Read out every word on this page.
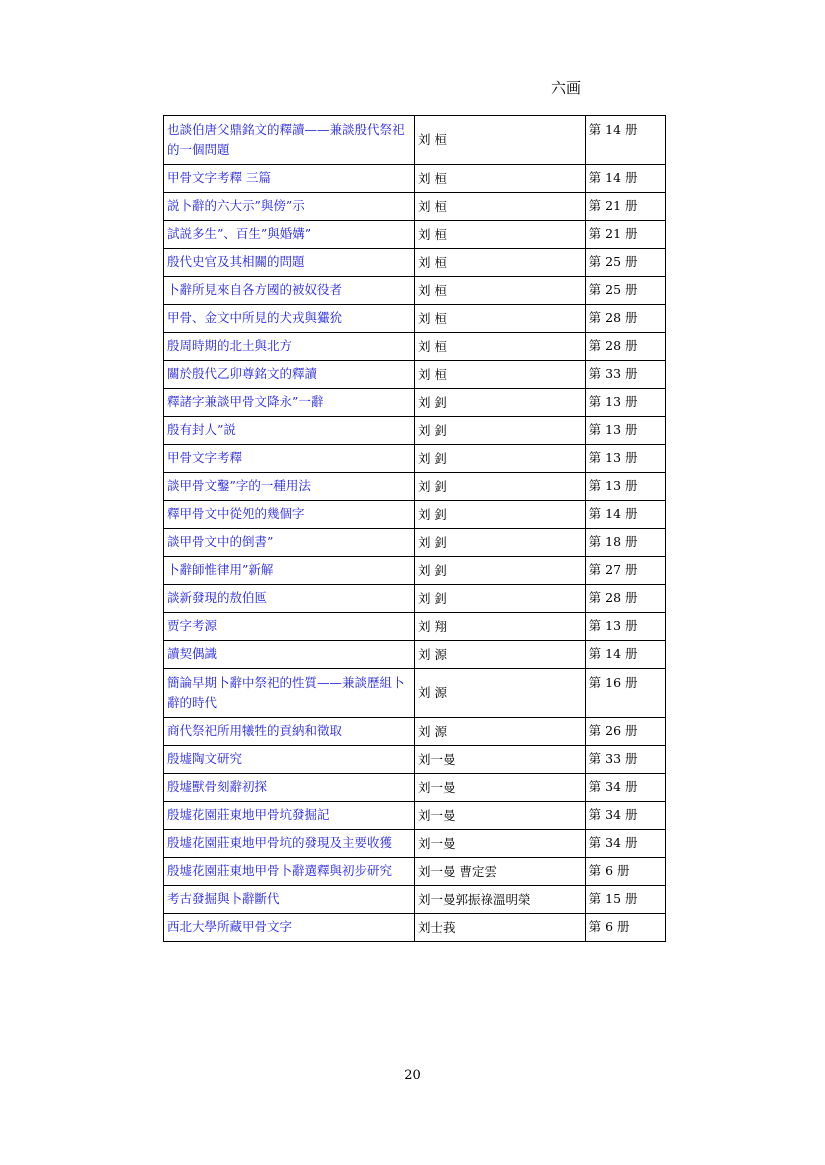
六画
也談伯唐父鼎銘文的釋讀——兼談殷代祭祀的一個問題	刘 桓	第 14 册
甲骨文字考釋 三篇	刘 桓	第 14 册
説卜辭的六大示”與傍”示	刘 桓	第 21 册
試説多生”、百生”與婚媾”	刘 桓	第 21 册
殷代史官及其相關的問題	刘 桓	第 25 册
卜辭所見來自各方國的被奴役者	刘 桓	第 25 册
甲骨、金文中所見的犬戎與玁狁	刘 桓	第 28 册
殷周時期的北土與北方	刘 桓	第 28 册
關於殷代乙卯尊銘文的釋讀	刘 桓	第 33 册
釋諸字兼談甲骨文降永”一辭	刘 釗	第 13 册
殷有封人”説	刘 釗	第 13 册
甲骨文字考釋	刘 釗	第 13 册
談甲骨文鑿”字的一種用法	刘 釗	第 13 册
釋甲骨文中從夗的幾個字	刘 釗	第 14 册
談甲骨文中的倒書”	刘 釗	第 18 册
卜辭師惟律用”新解	刘 釗	第 27 册
談新發現的敖伯匜	刘 釗	第 28 册
贾字考源	刘 翔	第 13 册
讀契偶識	刘 源	第 14 册
簡論早期卜辭中祭祀的性質——兼談歷組卜辭的時代	刘 源	第 16 册
商代祭祀所用犧牲的貢納和徵取	刘 源	第 26 册
殷墟陶文研究	刘一曼	第 33 册
殷墟獸骨刻辭初探	刘一曼	第 34 册
殷墟花園莊東地甲骨坑發掘記	刘一曼	第 34 册
殷墟花園莊東地甲骨坑的發現及主要收獲	刘一曼	第 34 册
殷墟花園莊東地甲骨卜辭選釋與初步研究	刘一曼 曹定雲	第 6 册
考古發掘與卜辭斷代	刘一曼郭振祿溫明榮	第 15 册
西北大學所藏甲骨文字	刘士莪	第 6 册
20
